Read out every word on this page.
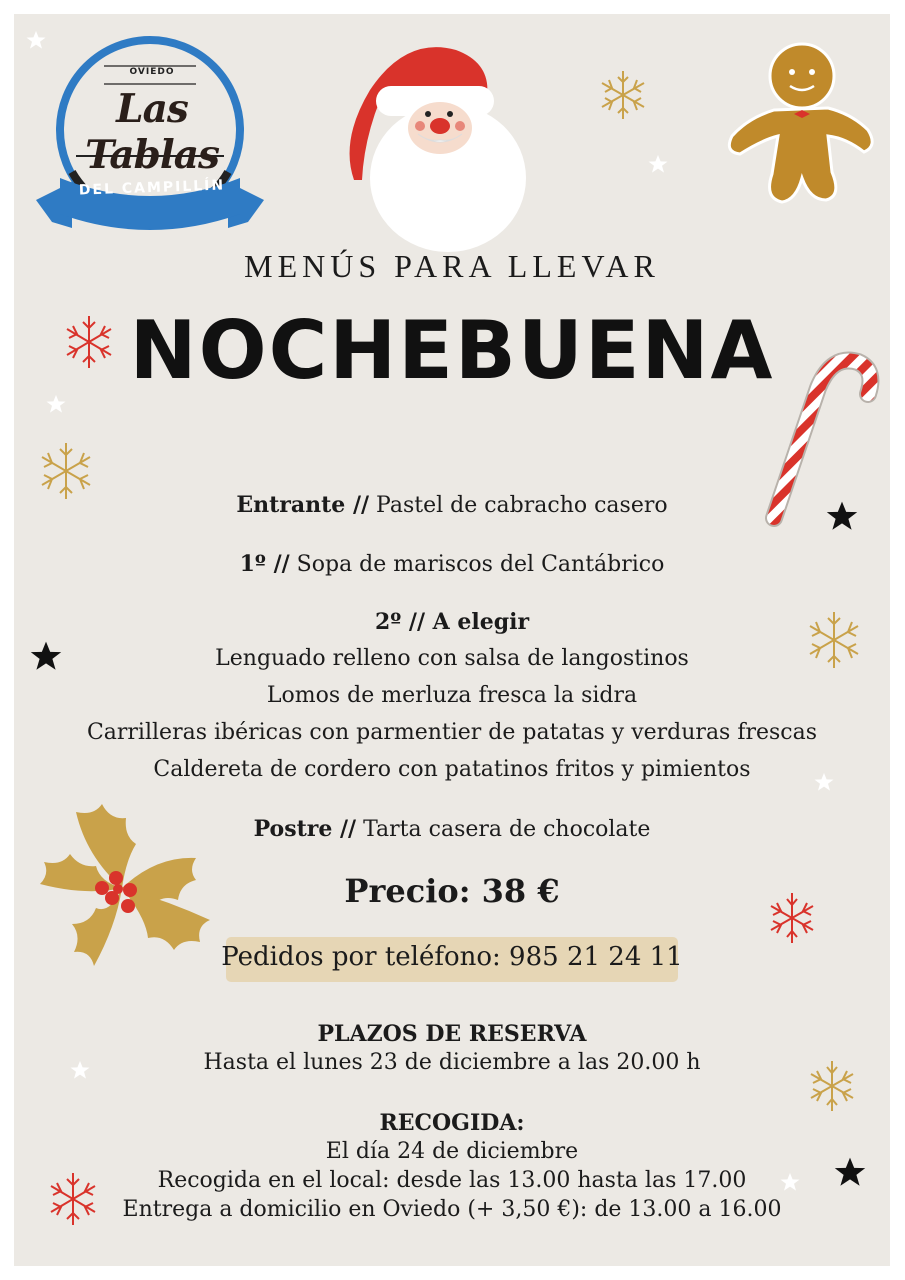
OVIEDO
Las Tablas
DEL CAMPILLÍN
MENÚS PARA LLEVAR
NOCHEBUENA
Entrante // Pastel de cabracho casero
1º // Sopa de mariscos del Cantábrico
2º // A elegir
Lenguado relleno con salsa de langostinos
Lomos de merluza fresca la sidra
Carrilleras ibéricas con parmentier de patatas y verduras frescas
Caldereta de cordero con patatinos fritos y pimientos
Postre // Tarta casera de chocolate
Precio: 38 €
Pedidos por teléfono: 985 21 24 11
PLAZOS DE RESERVA
Hasta el lunes 23 de diciembre a las 20.00 h
RECOGIDA:
El día 24 de diciembre
Recogida en el local: desde las 13.00 hasta las 17.00
Entrega a domicilio en Oviedo (+ 3,50 €): de 13.00 a 16.00
